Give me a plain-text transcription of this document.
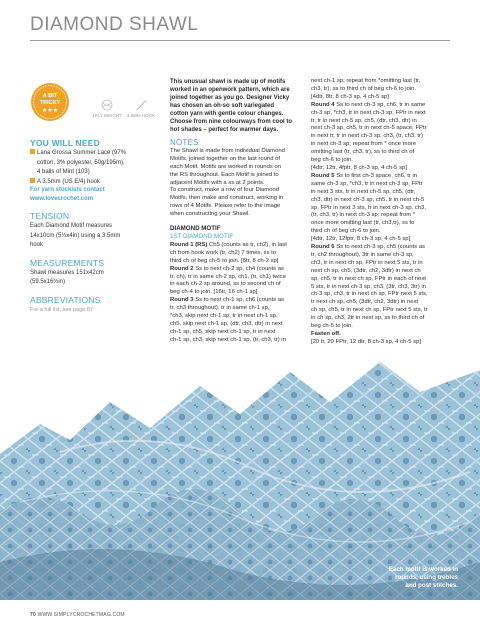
DIAMOND SHAWL
A BIT
TRICKY
★★★
4PLY WEIGHT	3.5MM HOOK
YOU WILL NEED
Lana Grossa Summer Lace (97%
cotton, 3% polyester, 50g/195m),
4 balls of Mint (103)
A 3.5mm (US E/4) hook
For yarn stockists contact
www.lovecrochet.com
TENSION
Each Diamond Motif measures
14x10cm (5½x4in) using a 3.5mm
hook
MEASUREMENTS
Shawl measures 151x42cm
(59.5x16½in)
ABBREVIATIONS
For a full list, see page 87
This unusual shawl is made up of motifs
worked in an openwork pattern, which are
joined together as you go. Designer Vicky
has chosen an oh-so soft variegated
cotton yarn with gentle colour changes.
Choose from nine colourways from cool to
hot shades – perfect for warmer days.
NOTES
The Shawl is made from individual Diamond
Motifs, joined together on the last round of
each Motif. Motifs are worked in rounds on
the RS throughout. Each Motif is joined to
adjacent Motifs with a ss at 2 points.
To construct, make a row of four Diamond
Motifs, then make and construct, working in
rows of 4 Motifs. Please refer to the image
when constructing your Shawl.
DIAMOND MOTIF
1ST DIAMOND MOTIF
Round 1 (RS) Ch5 (counts as tr, ch2), in last
ch from hook work (tr, ch2) 7 times, ss to
third ch of beg ch-5 to join. [8tr, 8 ch-2 sp]
Round 2 Ss to next ch-2 sp, ch4 (counts as
tr, ch), tr in same ch-2 sp, ch1, (tr, ch1) twice
in each ch-2 sp around, ss to second ch of
beg ch-4 to join. [16tr, 16 ch-1 sp]
Round 3 Ss to next ch-1 sp, ch6 (counts as
tr, ch3 throughout), tr in same ch-1 sp,
*ch3, skip next ch-1 sp, tr in next ch-1 sp,
ch5, skip next ch-1 sp, (dtr, ch3, dtr) in next
ch-1 sp, ch5, skip next ch-1 sp, tr in next
ch-1 sp, ch3, skip next ch-1 sp, (tr, ch3, tr) in
next ch-1 sp; repeat from *omitting last (tr,
ch3, tr), ss to third ch of beg ch-6 to join.
[4dtr, 8tr, 8 ch-3 sp, 4 ch-5 sp]
Round 4 Ss to next ch-3 sp, ch6, tr in same
ch-3 sp, *ch3, tr in next ch-3 sp, FPtr in next
tr, tr in next ch-5 sp, ch5, (dtr, ch3, dtr) in
next ch-3 sp, ch5, tr in next ch-5 space, FPtr
in next tr, tr in next ch-3 sp, ch3, (tr, ch3, tr)
in next ch-3 sp; repeat from * once more
omitting last (tr, ch3, tr), ss to third ch of
beg ch-6 to join.
[4dtr, 12tr, 4fptr, 8 ch-3 sp, 4 ch-5 sp]
Round 5 Ss to first ch-3 space, ch6, tr in
same ch-3 sp, *ch3, tr in next ch-3 sp, FPtr
in next 3 sts, tr in next ch-5 sp, ch5, (dtr,
ch3, dtr) in next ch-3 sp, ch5, tr in next ch-5
sp, FPtr in next 3 sts, tr in next ch-3 sp, ch3,
(tr, ch3, tr) in next ch-3 sp; repeat from *
once more omitting last (tr, ch3,tr), ss to
third ch of beg ch-6 to join.
[4dtr, 12tr, 12fptr, 8 ch-3 sp, 4 ch-5 sp]
Round 6 Ss to next ch-3 sp, ch5 (counts as
tr, ch2 throughout), 3tr in same ch-3 sp,
ch3, tr in next ch sp, FPtr in next 5 sts, tr in
next ch sp, ch5, (3dtr, ch2, 3dtr) in next ch
sp, ch5, tr in next ch sp, FPtr in each of next
5 sts, tr in next ch-3 sp, ch3, (3tr, ch3, 3tr) in
ch-3 sp, ch3, tr in next ch sp, FPtr next 5 sts,
tr next ch sp, ch5, (3dtr, ch2, 3dtr) in next
ch sp, ch5, tr in next ch sp, FPtr next 5 sts, tr
in ch sp, ch3, 2tr in next sp, ss to third ch of
beg ch-5 to join.
Fasten off.
[20 tr, 20 FPtr, 12 dtr, 8 ch-3 sp, 4 ch-5 sp]
Each motif is worked in
rounds, using trebles
and post stitches.
70 WWW.SIMPLYCROCHETMAG.COM
